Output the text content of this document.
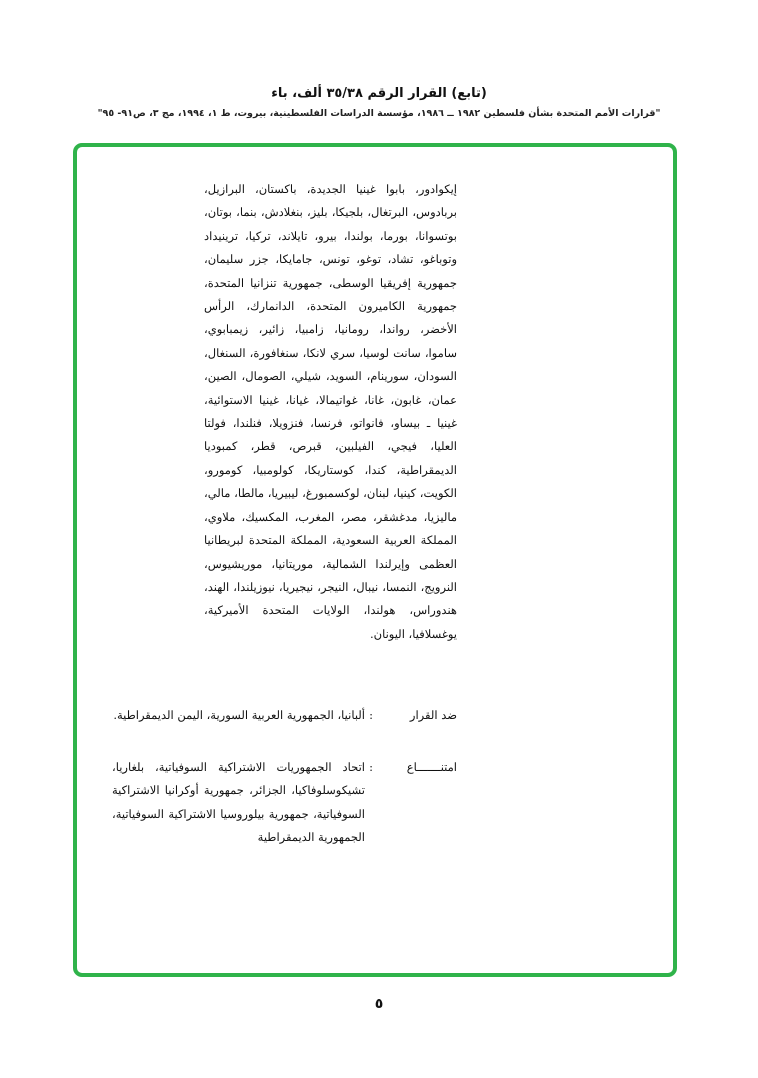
(تابع) القرار الرقم ٣٥/٣٨ ألف، باء
"قرارات الأمم المتحدة بشأن فلسطين ١٩٨٢ ــ ١٩٨٦، مؤسسة الدراسات الفلسطينية، بيروت، ط ١، ١٩٩٤، مج ٣، ص٩١- ٩٥"
إيكوادور، بابوا غينيا الجديدة، باكستان، البرازيل، بربادوس، البرتغال، بلجيكا، بليز، بنغلادش، بنما، بوتان، بوتسوانا، بورما، بولندا، بيرو، تايلاند، تركيا، ترينيداد وتوباغو، تشاد، توغو، تونس، جامايكا، جزر سليمان، جمهورية إفريقيا الوسطى، جمهورية تنزانيا المتحدة، جمهورية الكاميرون المتحدة، الدانمارك، الرأس الأخضر، رواندا، رومانيا، زامبيا، زائير، زيمبابوي، ساموا، سانت لوسيا، سري لانكا، سنغافورة، السنغال، السودان، سورينام، السويد، شيلي، الصومال، الصين، عمان، غابون، غانا، غواتيمالا، غيانا، غينيا الاستوائية، غينيا ـ بيساو، فانواتو، فرنسا، فنزويلا، فنلندا، فولتا العليا، فيجي، الفيلبين، قبرص، قطر، كمبوديا الديمقراطية، كندا، كوستاريكا، كولومبيا، كومورو، الكويت، كينيا، لبنان، لوكسمبورغ، ليبيريا، مالطا، مالي، ماليزيا، مدغشقر، مصر، المغرب، المكسيك، ملاوي، المملكة العربية السعودية، المملكة المتحدة لبريطانيا العظمى وإيرلندا الشمالية، موريتانيا، موريشيوس، النرويج، النمسا، نيبال، النيجر، نيجيريا، نيوزيلندا، الهند، هندوراس، هولندا، الولايات المتحدة الأميركية، يوغسلافيا، اليونان.
ضد القرار
:
ألبانيا، الجمهورية العربية السورية، اليمن الديمقراطية.
امتنـــــــاع
:
اتحاد الجمهوريات الاشتراكية السوفياتية، بلغاريا، تشيكوسلوفاكيا، الجزائر، جمهورية أوكرانيا الاشتراكية السوفياتية، جمهورية بيلوروسيا الاشتراكية السوفياتية، الجمهورية الديمقراطية
٥
